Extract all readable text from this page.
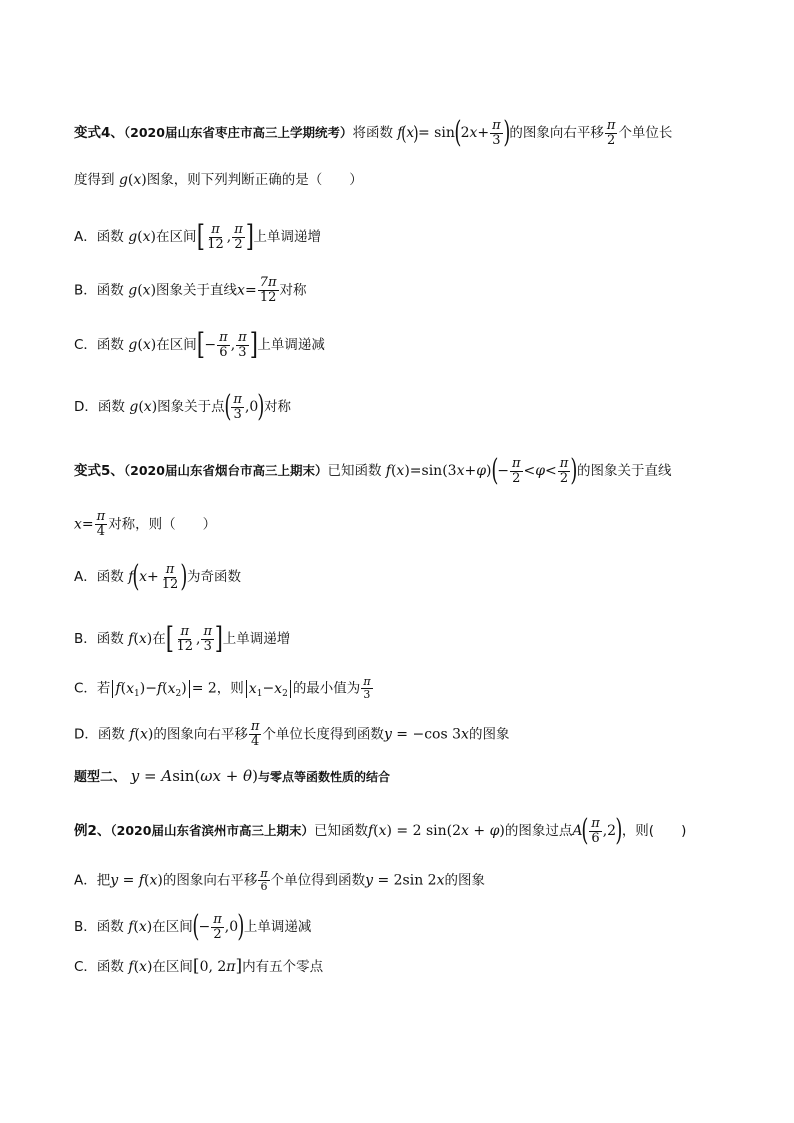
变式4、（2020届山东省枣庄市高三上学期统考）将函数 $f(x)= \sin(2x+ \frac{\pi}{3}$ )的图象向右平移 $\frac{\pi}{2}$ 个单位长
度得到 g(x)图象，则下列判断正确的是（　　）
A．函数 g(x)在区间[ $\frac{\pi}{12}$ , $\frac{\pi}{2}$ ]上单调递增
B．函数 g(x)图象关于直线$x= \frac{7\pi}{12}$ 对称
C．函数 g(x)在区间[− $\frac{\pi}{6}$ , $\frac{\pi}{3}$ ]上单调递减
D．函数 g(x)图象关于点( $\frac{\pi}{3} ,0$)对称
变式5、（2020届山东省烟台市高三上期末）已知函数 $f(x)=\sin(3x+\varphi)(- \frac{\pi}{2} <\varphi< \frac{\pi}{2}$ )的图象关于直线
$x= \frac{\pi}{4}$ 对称，则（　　）
A．函数 $f(x+ \frac{\pi}{12}$ )为奇函数
B．函数 f(x)在[ $\frac{\pi}{12}$ , $\frac{\pi}{3}$ ]上单调递增
C．若 $f(x_1)-f(x_2) = 2$，则 $x_1-x_2$ 的最小值为 $\frac{\pi}{3}$
D．函数 f(x)的图象向右平移 $\frac{\pi}{4}$ 个单位长度得到函数y = −cos 3x的图象
题型二、 y = Asin(ωx + θ)与零点等函数性质的结合
例2、（2020届山东省滨州市高三上期末）已知函数f(x) = 2 sin(2x + φ)的图象过点$A( \frac{\pi}{6} ,2)$，则(　　)
A．把y = f(x)的图象向右平移 $\frac{\pi}{6}$ 个单位得到函数y = 2sin 2x的图象
B．函数 f(x)在区间(− $\frac{\pi}{2} ,0$)上单调递减
C．函数 f(x)在区间[0, 2π]内有五个零点
